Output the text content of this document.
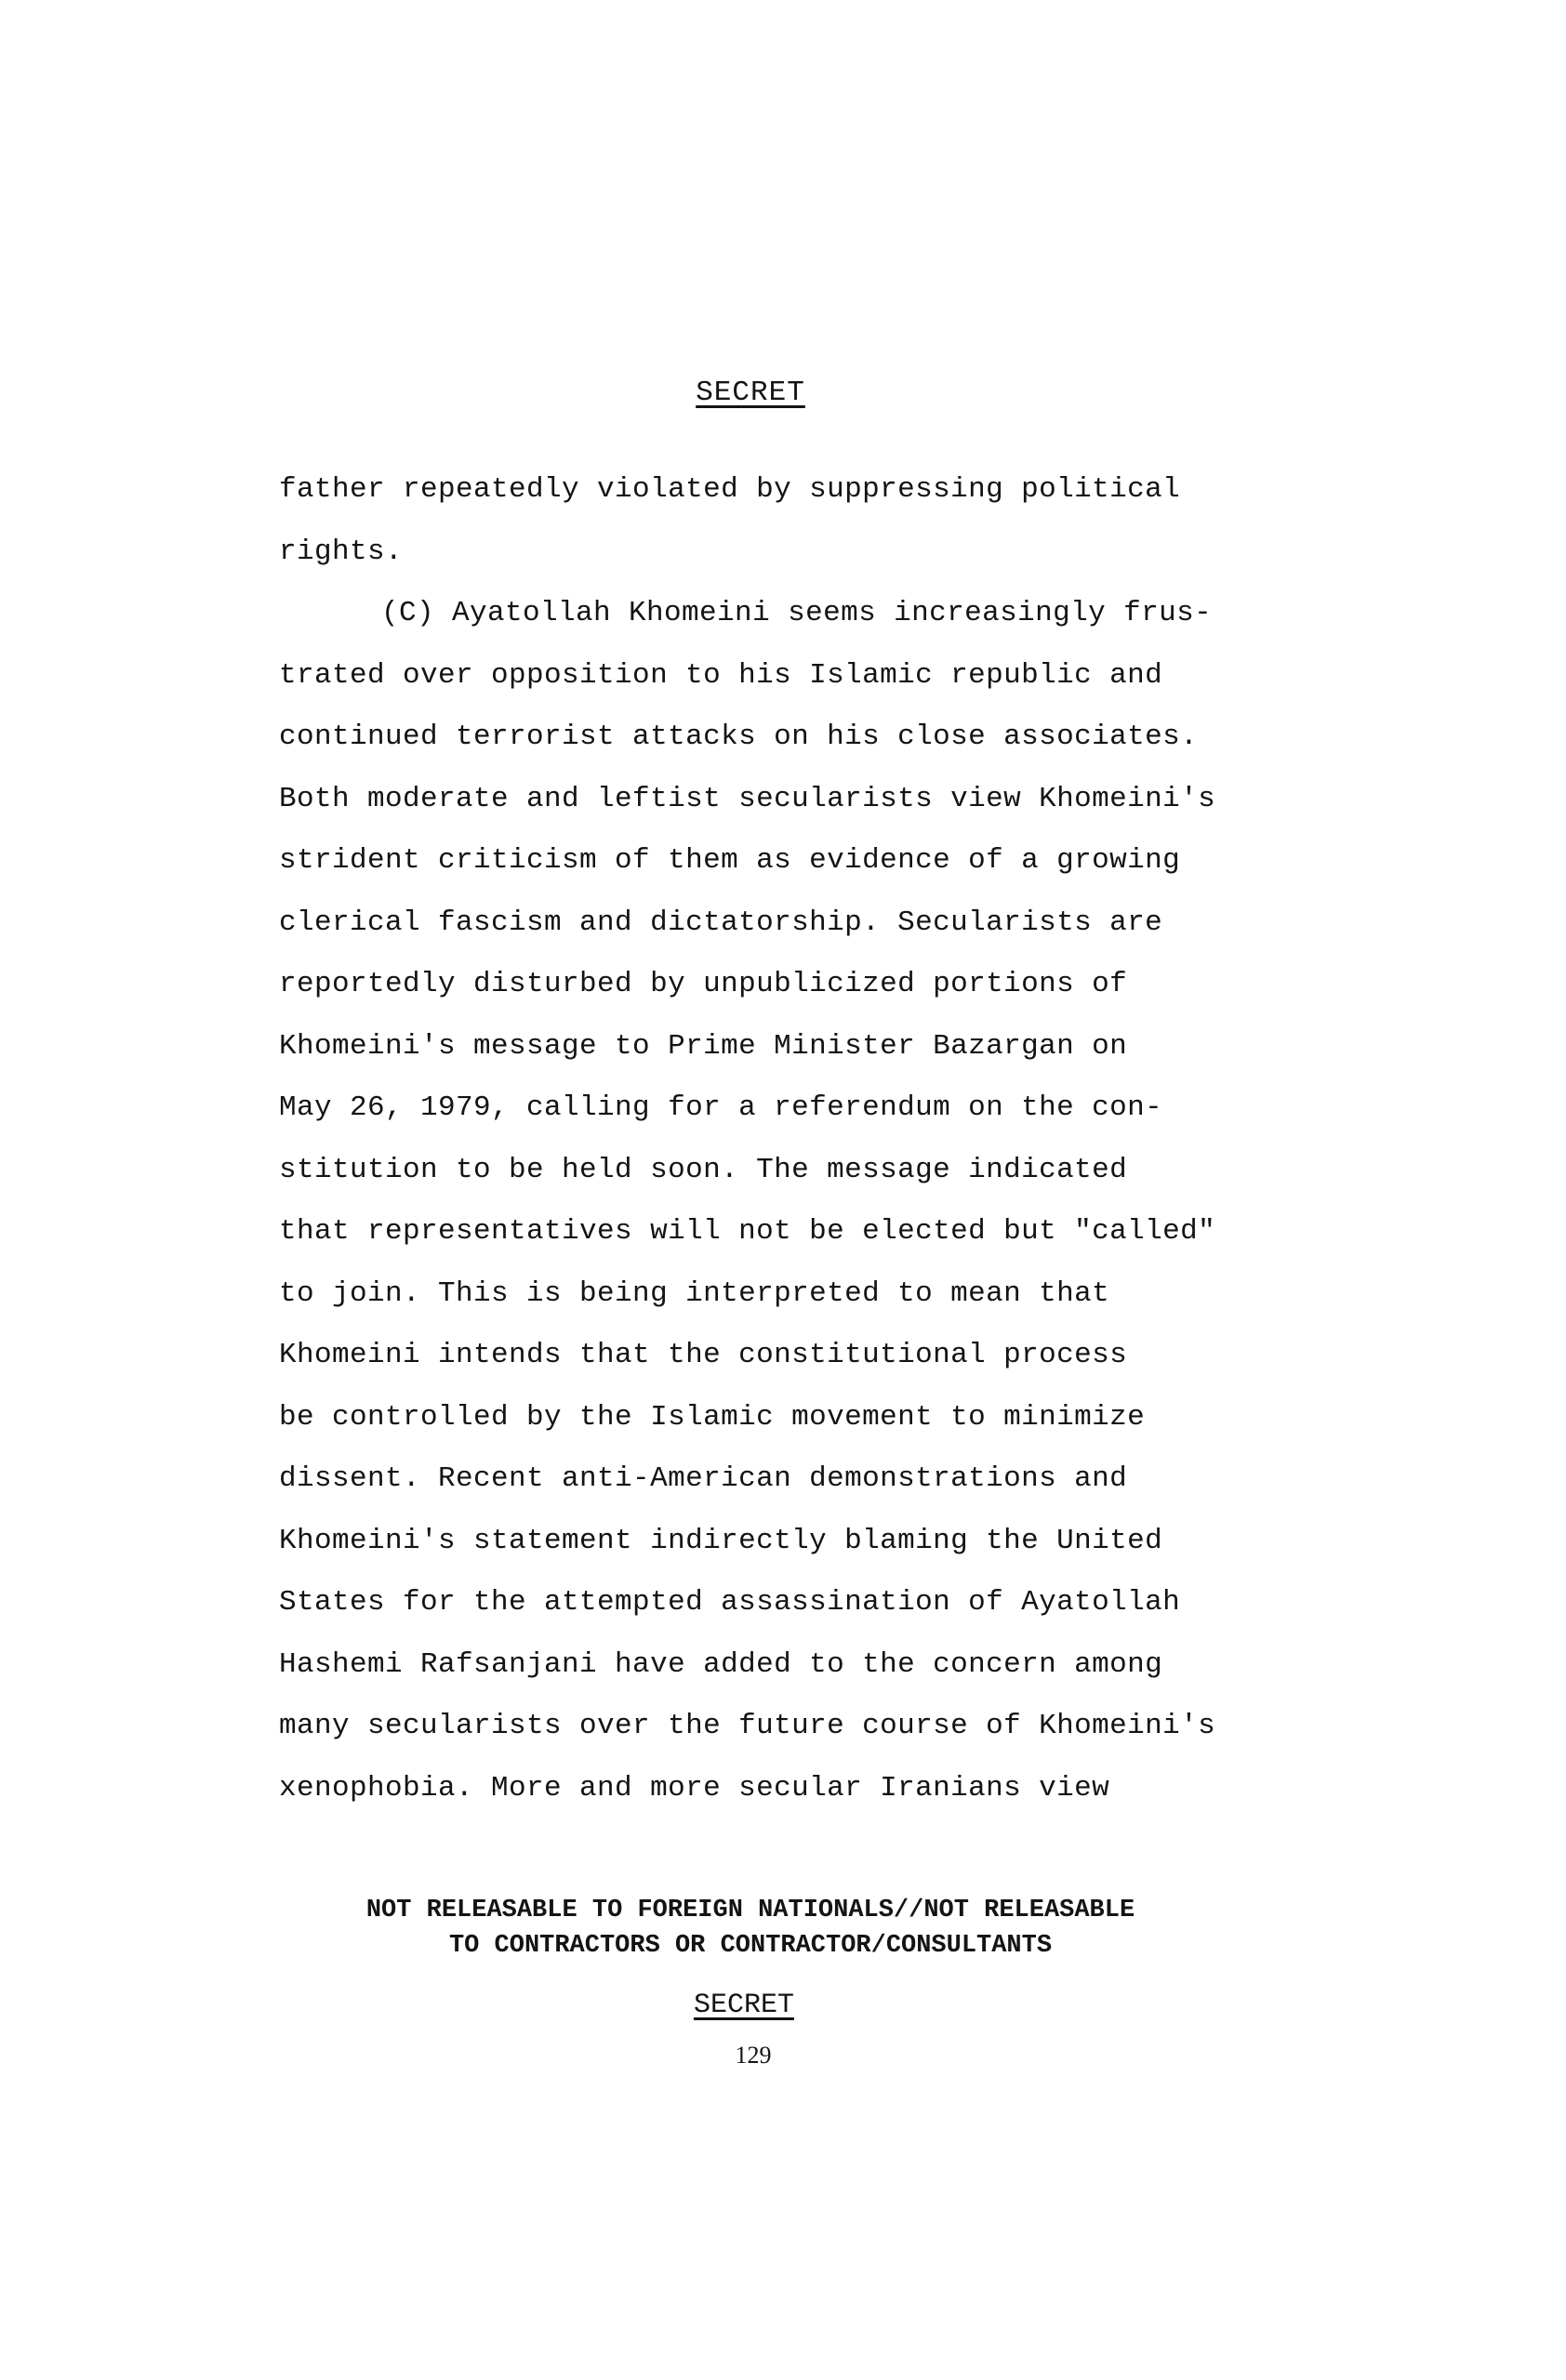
SECRET
father repeatedly violated by suppressing political
rights.
(C) Ayatollah Khomeini seems increasingly frus-
trated over opposition to his Islamic republic and
continued terrorist attacks on his close associates.
Both moderate and leftist secularists view Khomeini's
strident criticism of them as evidence of a growing
clerical fascism and dictatorship. Secularists are
reportedly disturbed by unpublicized portions of
Khomeini's message to Prime Minister Bazargan on
May 26, 1979, calling for a referendum on the con-
stitution to be held soon. The message indicated
that representatives will not be elected but "called"
to join. This is being interpreted to mean that
Khomeini intends that the constitutional process
be controlled by the Islamic movement to minimize
dissent. Recent anti-American demonstrations and
Khomeini's statement indirectly blaming the United
States for the attempted assassination of Ayatollah
Hashemi Rafsanjani have added to the concern among
many secularists over the future course of Khomeini's
xenophobia. More and more secular Iranians view
NOT RELEASABLE TO FOREIGN NATIONALS//NOT RELEASABLE
TO CONTRACTORS OR CONTRACTOR/CONSULTANTS
SECRET
129
